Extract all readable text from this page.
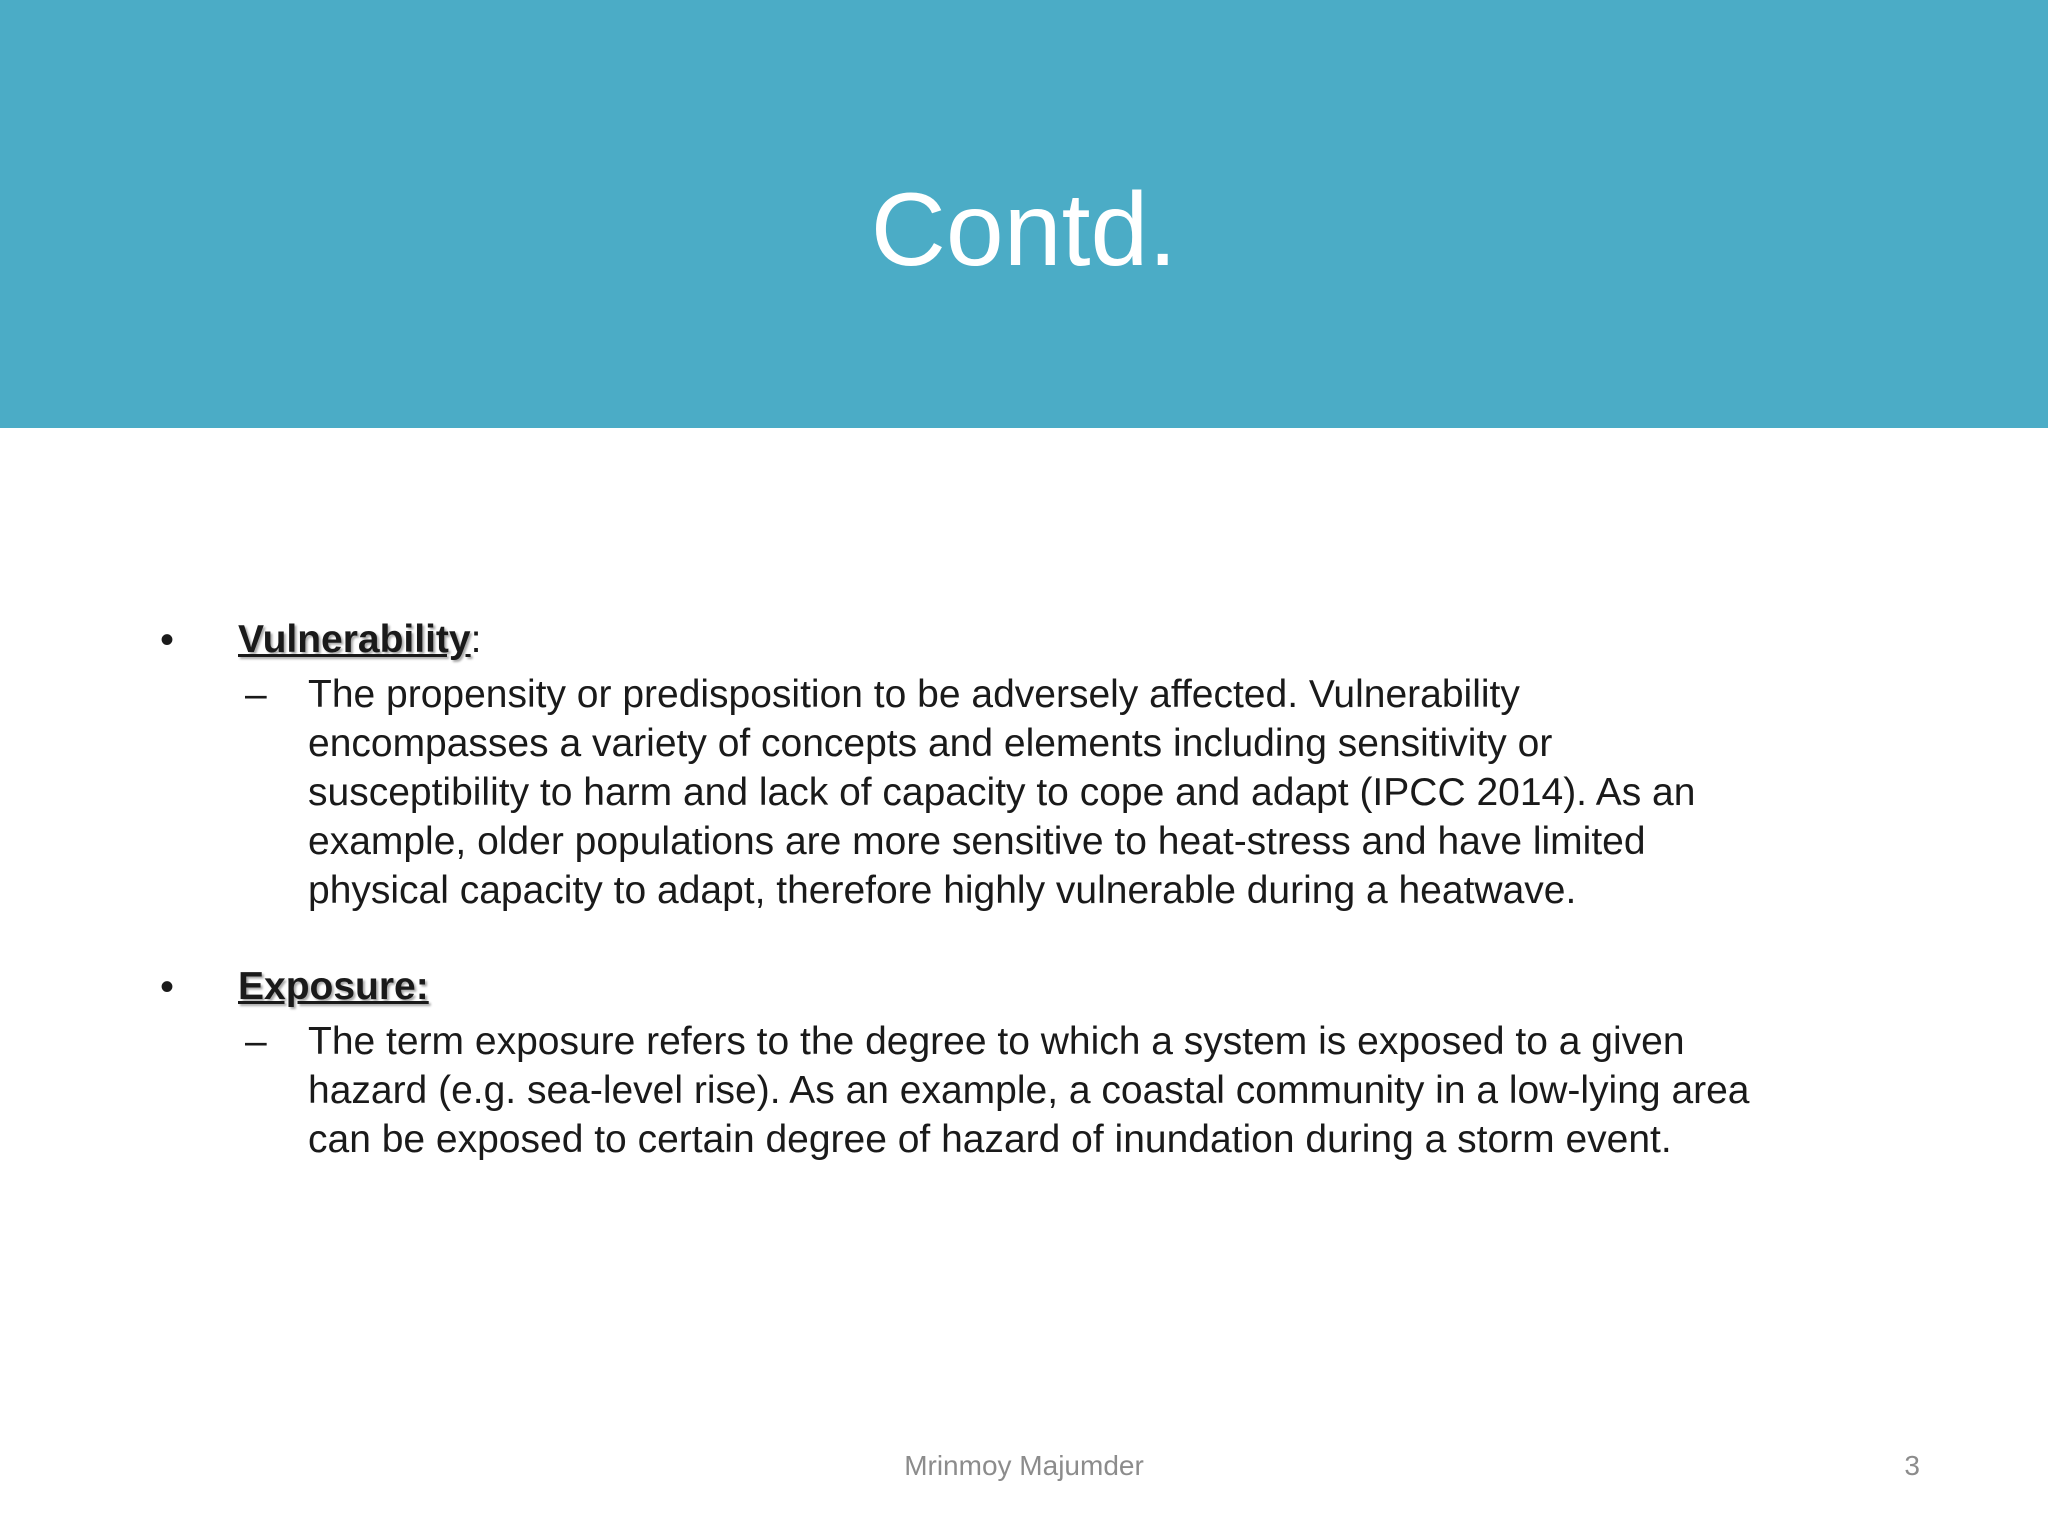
Contd.
• Vulnerability:
– The propensity or predisposition to be adversely affected. Vulnerability
encompasses a variety of concepts and elements including sensitivity or
susceptibility to harm and lack of capacity to cope and adapt (IPCC 2014). As an
example, older populations are more sensitive to heat-stress and have limited
physical capacity to adapt, therefore highly vulnerable during a heatwave.
• Exposure:
– The term exposure refers to the degree to which a system is exposed to a given
hazard (e.g. sea-level rise). As an example, a coastal community in a low-lying area
can be exposed to certain degree of hazard of inundation during a storm event.
Mrinmoy Majumder	3
